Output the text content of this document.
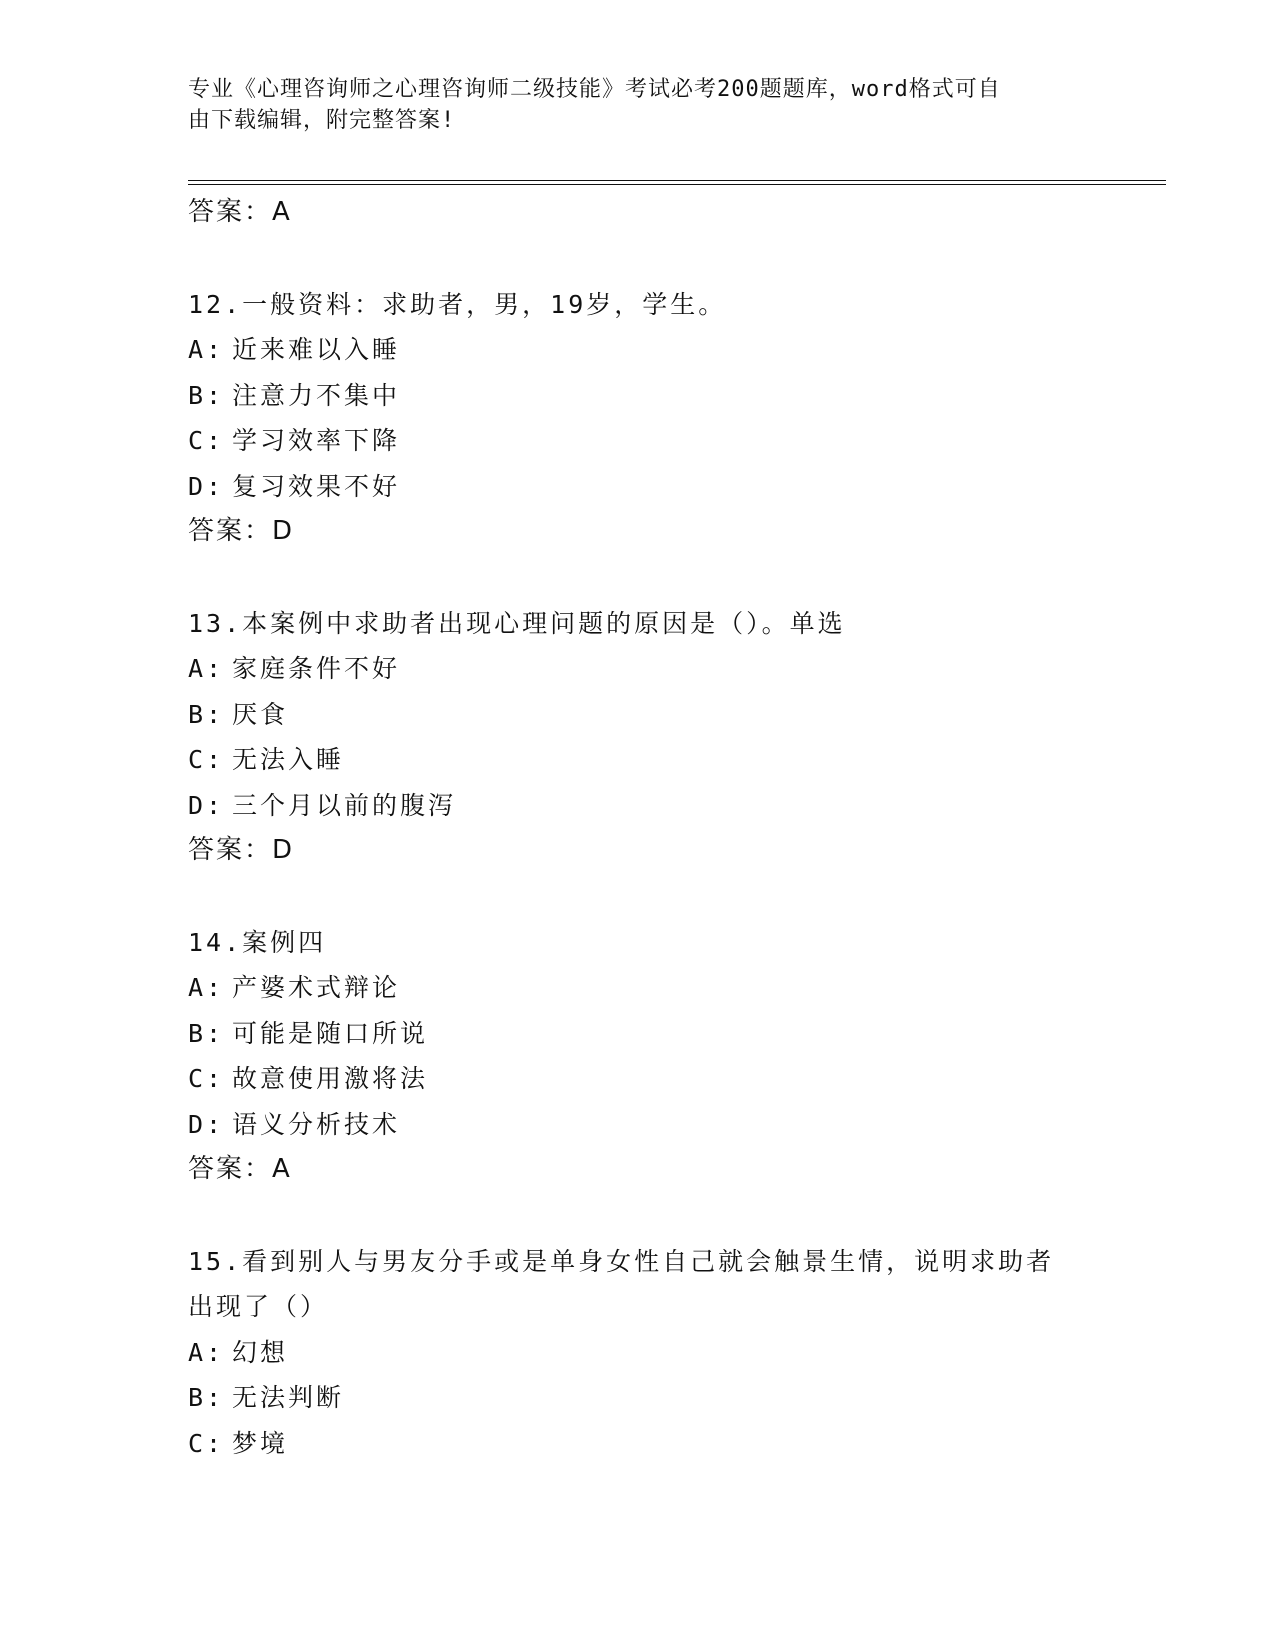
专业《心理咨询师之心理咨询师二级技能》考试必考200题题库，word格式可自
由下载编辑，附完整答案!
答案：A
12.一般资料：求助者，男，19岁，学生。
A: 近来难以入睡
B: 注意力不集中
C: 学习效率下降
D: 复习效果不好
答案：D
13.本案例中求助者出现心理问题的原因是（）。单选
A: 家庭条件不好
B: 厌食
C: 无法入睡
D: 三个月以前的腹泻
答案：D
14.案例四
A: 产婆术式辩论
B: 可能是随口所说
C: 故意使用激将法
D: 语义分析技术
答案：A
15.看到别人与男友分手或是单身女性自己就会触景生情，说明求助者
出现了（）
A: 幻想
B: 无法判断
C: 梦境
